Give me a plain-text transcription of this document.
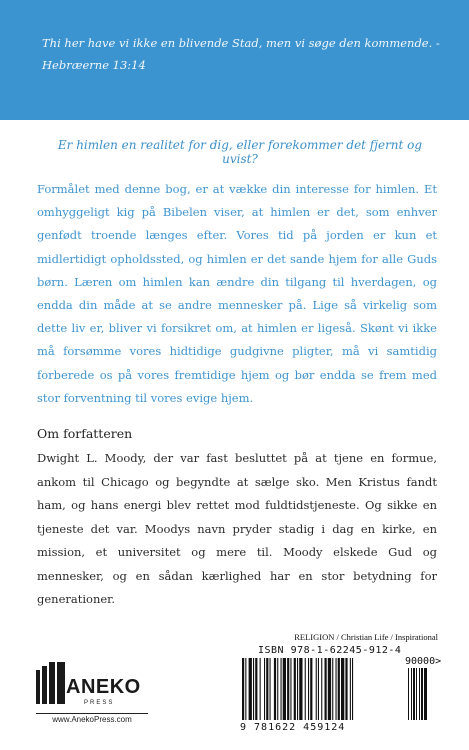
Thi her have vi ikke en blivende Stad, men vi søge den kommende. - Hebræerne 13:14
Er himlen en realitet for dig, eller forekommer det fjernt og uvist?
Formålet med denne bog, er at vække din interesse for himlen. Et omhyggeligt kig på Bibelen viser, at himlen er det, som enhver genfødt troende længes efter. Vores tid på jorden er kun et midlertidigt opholdssted, og himlen er det sande hjem for alle Guds børn. Læren om himlen kan ændre din tilgang til hverdagen, og endda din måde at se andre mennesker på. Lige så virkelig som dette liv er, bliver vi forsikret om, at himlen er ligeså. Skønt vi ikke må forsømme vores hidtidige gudgivne pligter, må vi samtidig forberede os på vores fremtidige hjem og bør endda se frem med stor forventning til vores evige hjem.
Om forfatteren
Dwight L. Moody, der var fast besluttet på at tjene en formue, ankom til Chicago og begyndte at sælge sko. Men Kristus fandt ham, og hans energi blev rettet mod fuldtidstjeneste. Og sikke en tjeneste det var. Moodys navn pryder stadig i dag en kirke, en mission, et universitet og mere til. Moody elskede Gud og mennesker, og en sådan kærlighed har en stor betydning for generationer.
RELIGION / Christian Life / Inspirational
ISBN 978-1-62245-912-4
90000>
9 781622 459124
ANEKO
PRESS
www.AnekoPress.com
